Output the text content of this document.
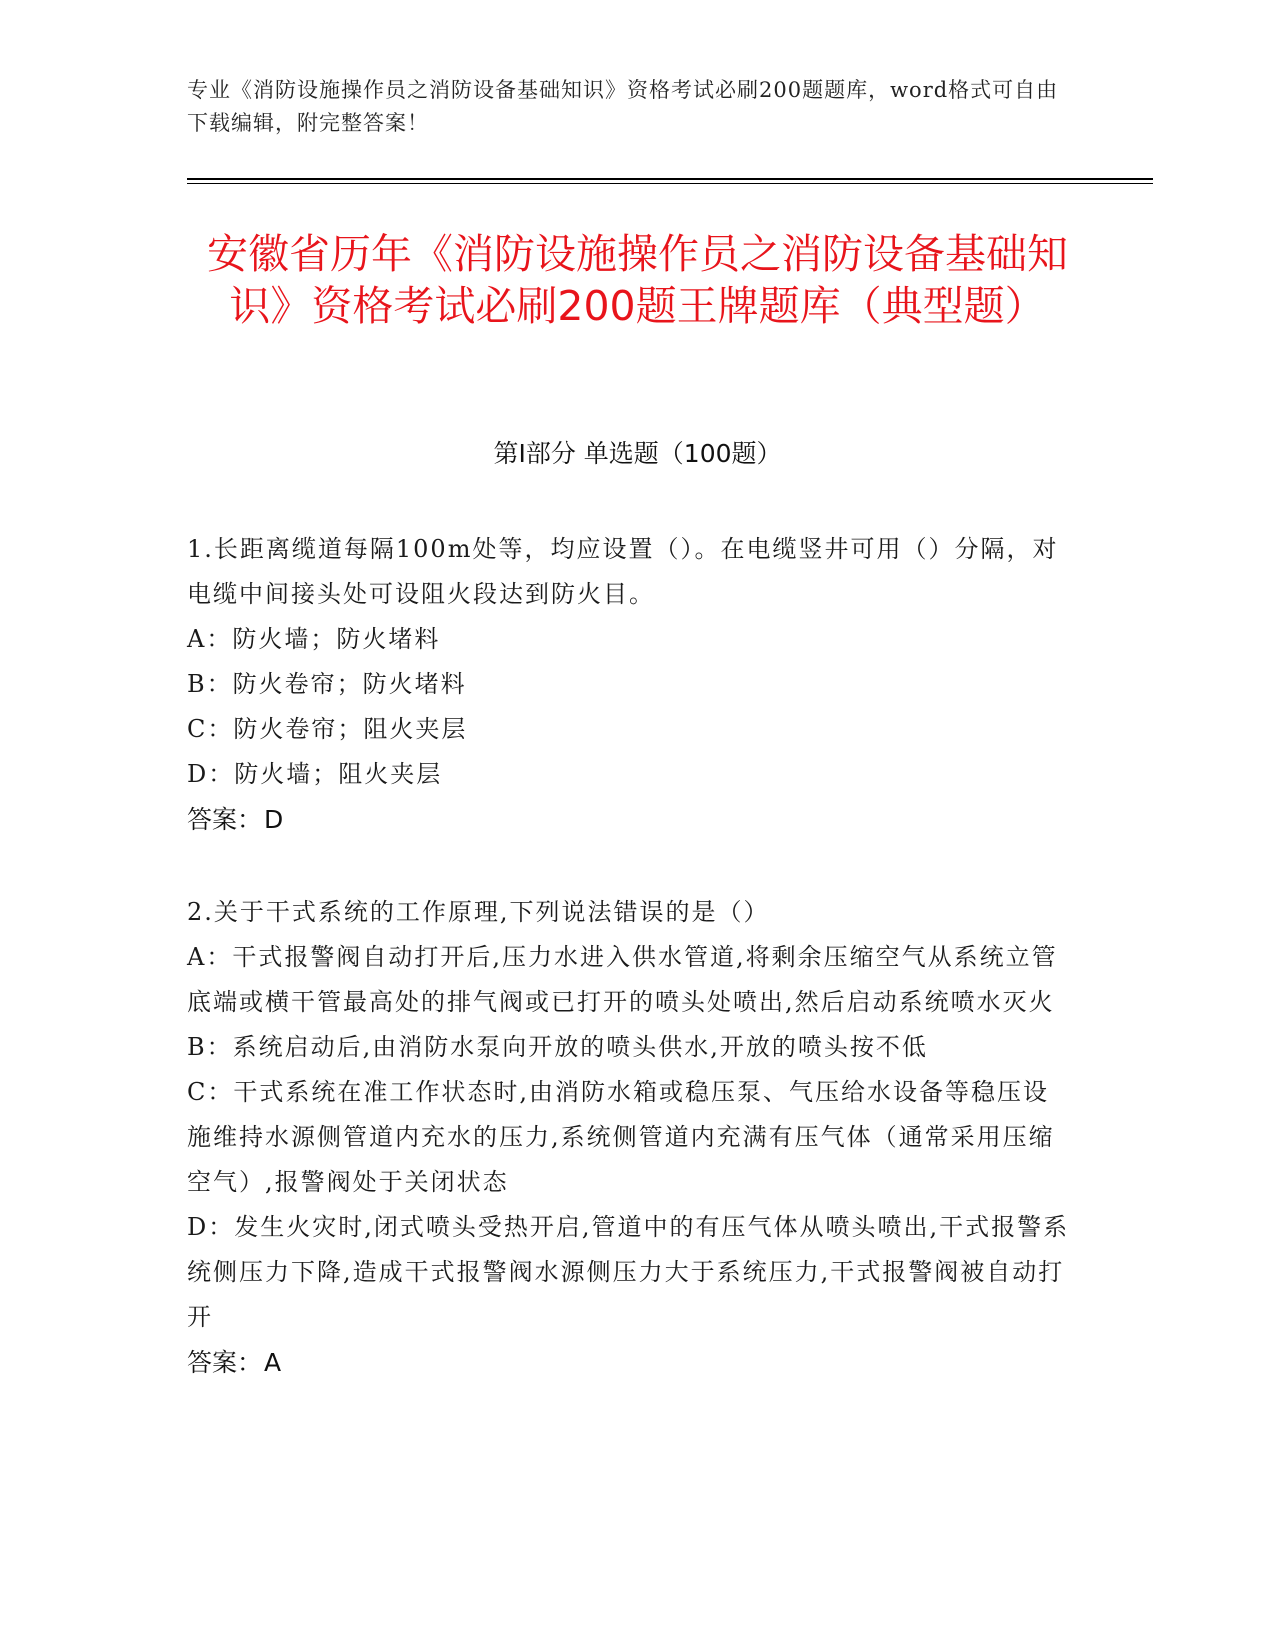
专业《消防设施操作员之消防设备基础知识》资格考试必刷200题题库，word格式可自由下载编辑，附完整答案！
安徽省历年《消防设施操作员之消防设备基础知识》资格考试必刷200题王牌题库（典型题）
第Ⅰ部分 单选题（100题）
1.长距离缆道每隔100m处等，均应设置（）。在电缆竖井可用（）分隔，对电缆中间接头处可设阻火段达到防火目。
A：防火墙；防火堵料
B：防火卷帘；防火堵料
C：防火卷帘；阻火夹层
D：防火墙；阻火夹层
答案：D
2.关于干式系统的工作原理,下列说法错误的是（）
A：干式报警阀自动打开后,压力水进入供水管道,将剩余压缩空气从系统立管底端或横干管最高处的排气阀或已打开的喷头处喷出,然后启动系统喷水灭火
B：系统启动后,由消防水泵向开放的喷头供水,开放的喷头按不低
C：干式系统在准工作状态时,由消防水箱或稳压泵、气压给水设备等稳压设施维持水源侧管道内充水的压力,系统侧管道内充满有压气体（通常采用压缩空气）,报警阀处于关闭状态
D：发生火灾时,闭式喷头受热开启,管道中的有压气体从喷头喷出,干式报警系统侧压力下降,造成干式报警阀水源侧压力大于系统压力,干式报警阀被自动打开
答案：A
